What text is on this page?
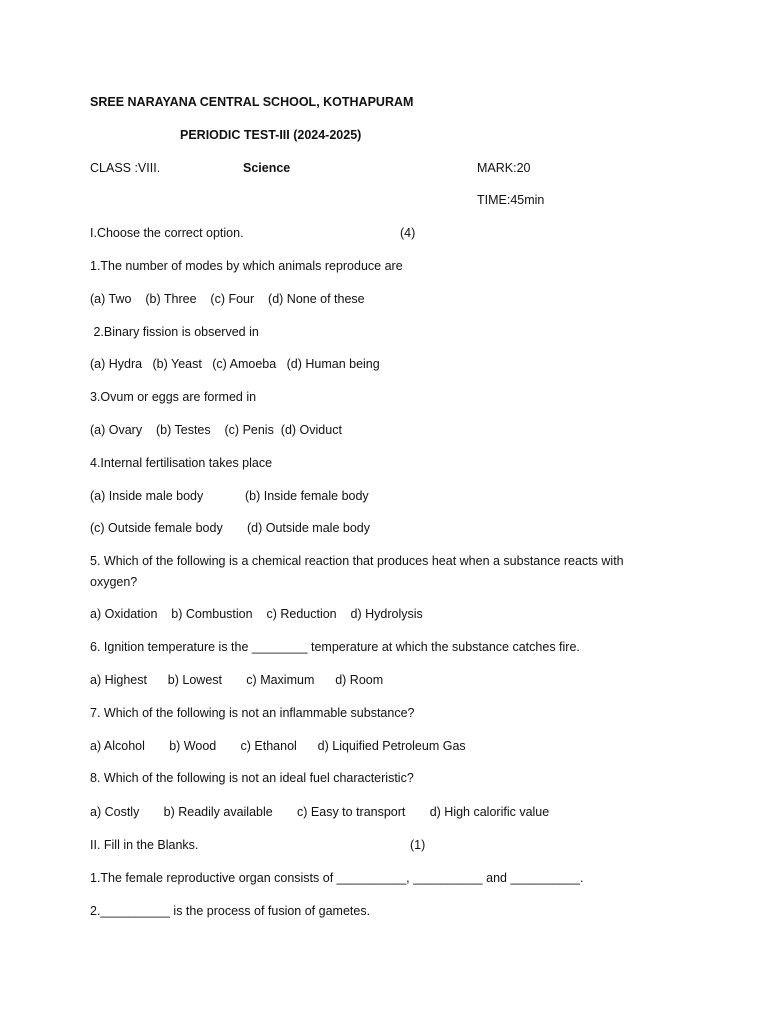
SREE NARAYANA CENTRAL SCHOOL, KOTHAPURAM
PERIODIC TEST-III (2024-2025)
CLASS :VIII.	Science	MARK:20
TIME:45min
I.Choose the correct option.	(4)
1.The number of modes by which animals reproduce are
(a) Two    (b) Three    (c) Four    (d) None of these
2.Binary fission is observed in
(a) Hydra   (b) Yeast   (c) Amoeba   (d) Human being
3.Ovum or eggs are formed in
(a) Ovary    (b) Testes    (c) Penis  (d) Oviduct
4.Internal fertilisation takes place
(a) Inside male body	(b) Inside female body
(c) Outside female body (d) Outside male body
5. Which of the following is a chemical reaction that produces heat when a substance reacts with
oxygen?
a) Oxidation    b) Combustion    c) Reduction    d) Hydrolysis
6. Ignition temperature is the ________ temperature at which the substance catches fire.
a) Highest      b) Lowest       c) Maximum      d) Room
7. Which of the following is not an inflammable substance?
a) Alcohol       b) Wood       c) Ethanol      d) Liquified Petroleum Gas
8. Which of the following is not an ideal fuel characteristic?
a) Costly       b) Readily available       c) Easy to transport       d) High calorific value
II. Fill in the Blanks.	(1)
1.The female reproductive organ consists of __________, __________ and __________.
2.__________ is the process of fusion of gametes.
